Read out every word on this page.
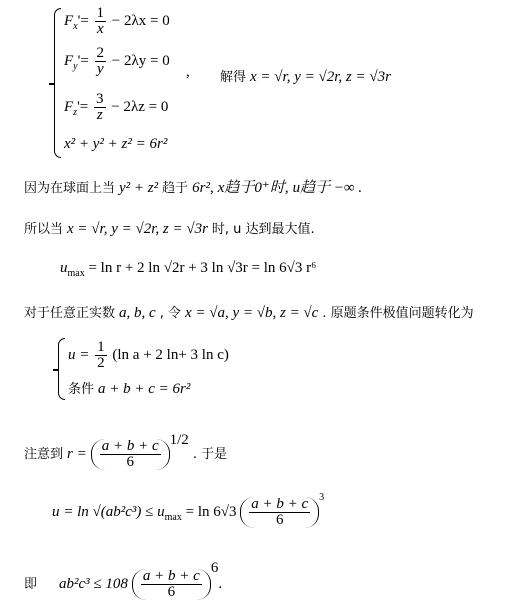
$F_x'= \frac{1}{x} - 2\lambda x = 0$
$F_y'= \frac{2}{y} - 2\lambda y = 0$
$F_z'= \frac{3}{z} - 2\lambda z = 0$
x² + y² + z² = 6r²
, 解得 x = √r, y = √2r, z = √3r
因为在球面上当 y² + z² 趋于 6r², x趋于0⁺时, u趋于 −∞ .
所以当 x = √r, y = √2r, z = √3r 时, u 达到最大值.
$u_{max} = \ln r + 2$ ln √2r + 3 ln √3r = ln 6√3 r⁶
对于任意正实数 a, b, c , 令 x = √a, y = √b, z = √c . 原题条件极值问题转化为
$u = \frac{1}{2} (\ln$ a + 2 ln+ 3 ln c)
条件 a + b + c = 6r²
注意到 $r = \frac{a + b + c}{6} ^{1/2}$ . 于是
$u = \ln √(ab^2c^3) \le u_{max} = \ln 6√3 \frac{a + b + c}{6} ^3$
即 $ab^2c^3 \le 108 \frac{a + b + c}{6}$
$^6$.
